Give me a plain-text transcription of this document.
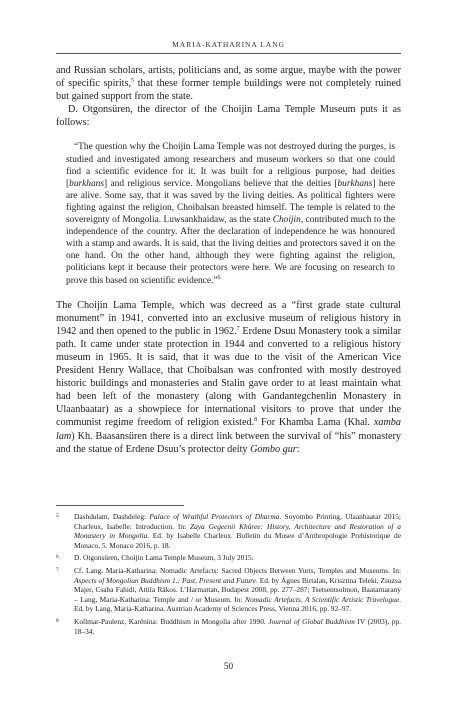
MARIA-KATHARINA LANG

and Russian scholars, artists, politicians and, as some argue, maybe with the power of specific spirits,$^5$ that these former temple buildings were not completely ruined but gained support from the state.

D. Otgonsüren, the director of the Choijin Lama Temple Museum puts it as follows:

“The question why the Choijin Lama Temple was not destroyed during the purges, is studied and investigated among researchers and museum workers so that one could find a scientific evidence for it. It was built for a religious purpose, had deities [burkhans] and religious service. Mongolians believe that the deities [burkhans] here are alive. Some say, that it was saved by the living deities. As political fighters were fighting against the religion, Choibalsan breasted himself. The temple is related to the sovereignty of Mongolia. Luwsankhaidaw, as the state Choijin, contributed much to the independence of the country. After the declaration of independence he was honoured with a stamp and awards. It is said, that the living deities and protectors saved it on the one hand. On the other hand, although they were fighting against the religion, politicians kept it because their protectors were here. We are focusing on research to prove this based on scientific evidence.”$^6$

The Choijin Lama Temple, which was decreed as a “first grade state cultural monument” in 1941, converted into an exclusive museum of religious history in 1942 and then opened to the public in 1962.$^7$ Erdene Dsuu Monastery took a similar path. It came under state protection in 1944 and converted to a religious history museum in 1965. It is said, that it was due to the visit of the American Vice President Henry Wallace, that Choibalsan was confronted with mostly destroyed historic buildings and monasteries and Stalin gave order to at least maintain what had been left of the monastery (along with Gandantegchenlin Monastery in Ulaanbaatar) as a showpiece for international visitors to prove that under the communist regime freedom of religion existed.$^8$ For Khamba Lama (Khal. xamba lam) Kh. Baasansüren there is a direct link between the survival of “his” monastery and the statue of Erdene Dsuu’s protector deity Gombo gur:

5	Dashdulam, Dashdeleg: Palace of Wrathful Protectors of Dharma. Soyombo Printing, Ulaanbaatar 2015; Charleux, Isabelle: Introduction. In: Zaya Gegeenii Khüree: History, Architecture and Restoration of a Monastery in Mongolia. Ed. by Isabelle Charleux. Bulletin du Musee d’Anthropologie Prehistorique de Monaco, 5. Monaco 2016, p. 18.
6	D. Otgonsüren, Choijin Lama Temple Museum, 3 July 2015.
7	Cf. Lang, Maria-Katharina: Nomadic Artefacts: Sacred Objects Between Yurts, Temples and Museums. In: Aspects of Mongolian Buddhism 1.: Past, Present and Future. Ed. by Ágnes Birtalan, Krisztina Teleki, Zsuzsa Majer, Csaba Fahidi, Attila Rákos. L’Harmattan, Budapest 2008, pp. 277–287; Tsetsentsolmon, Baatarnarany – Lang, Maria-Katharina: Temple and / or Museum. In: Nomadic Artefacts. A Scientific Artistic Travelogue. Ed. by Lang, Maria-Katharina. Austrian Academy of Sciences Press, Vienna 2016, pp. 92–97.
8	Kollmar-Paulenz, Karénina: Buddhism in Mongolia after 1990. Journal of Global Buddhism IV (2003), pp. 18–34.
50
